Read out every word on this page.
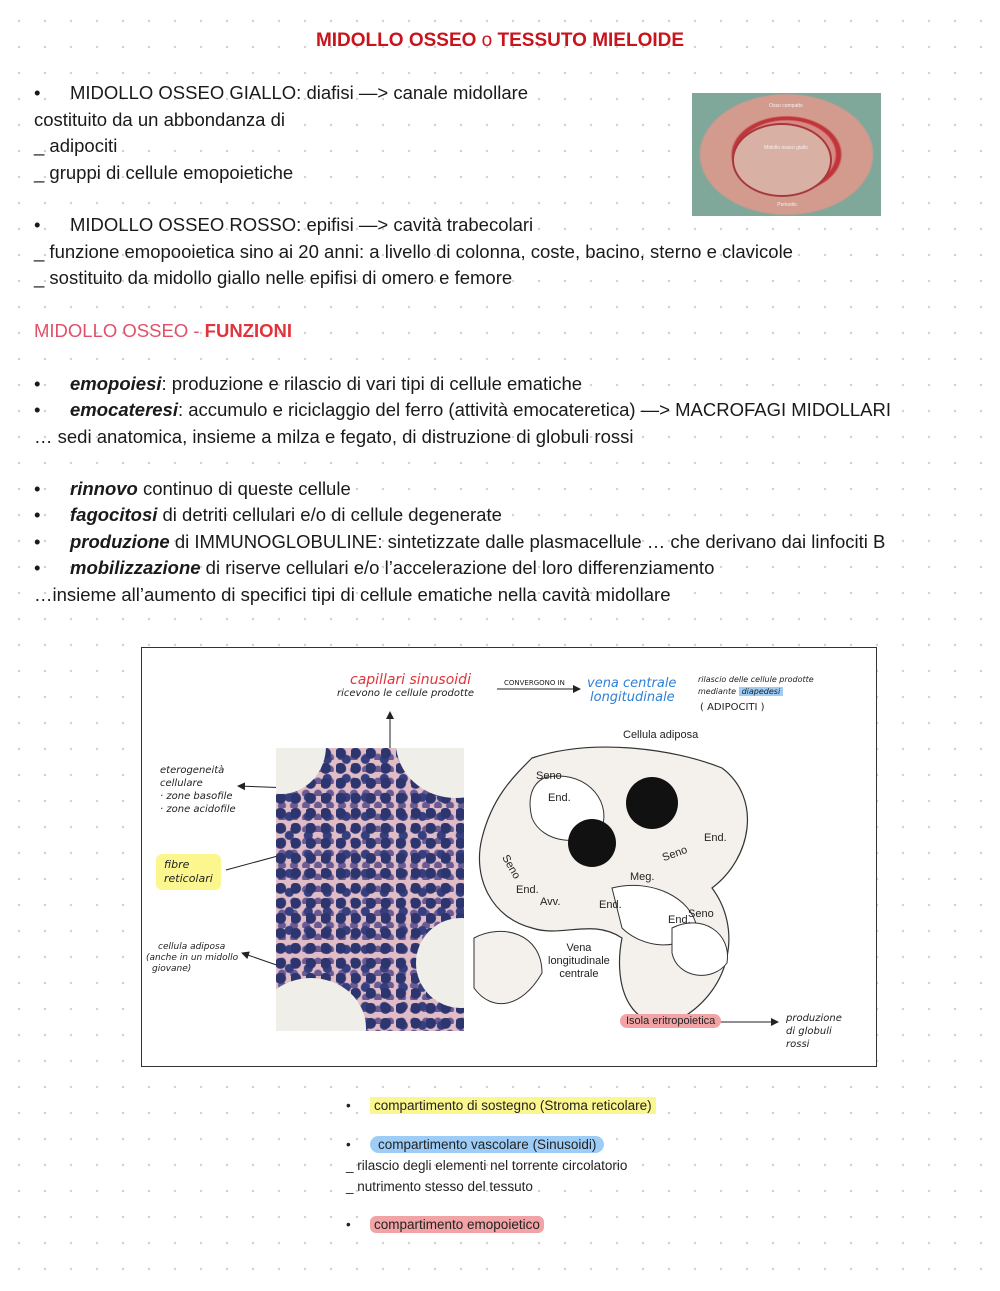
MIDOLLO OSSEO o TESSUTO MIELOIDE
• MIDOLLO OSSEO GIALLO: diafisi —> canale midollare
costituito da un abbondanza di
_ adipociti
_ gruppi di cellule emopoietiche
Osso compatto
Midollo osseo giallo
Periostio
• MIDOLLO OSSEO ROSSO: epifisi —> cavità trabecolari
_ funzione emopooietica sino ai 20 anni: a livello di colonna, coste, bacino, sterno e clavicole
_ sostituito da midollo giallo nelle epifisi di omero e femore
MIDOLLO OSSEO - FUNZIONI
• emopoiesi: produzione e rilascio di vari tipi di cellule ematiche
• emocateresi: accumulo e riciclaggio del ferro (attività emocateretica) —> MACROFAGI MIDOLLARI
… sedi anatomica, insieme a milza e fegato, di distruzione di globuli rossi
• rinnovo continuo di queste cellule
• fagocitosi di detriti cellulari e/o di cellule degenerate
• produzione di IMMUNOGLOBULINE: sintetizzate dalle plasmacellule … che derivano dai linfociti B
• mobilizzazione di riserve cellulari e/o l’accelerazione del loro differenziamento
…insieme all’aumento di specifici tipi di cellule ematiche nella cavità midollare
capillari sinusoidi
ricevono le cellule prodotte
CONVERGONO IN vena centrale
longitudinale
rilascio delle cellule prodotte
mediante diapedesi
( ADIPOCITI )
eterogeneità
cellulare
· zone basofile
· zone acidofile
fibre
reticolari
cellula adiposa
(anche in un midollo
giovane)
Cellula adiposa
Seno
End.
Seno
End.
Avv.	End.
Meg.
Seno
End.
Seno
End.
Vena
longitudinale
centrale
Isola eritropoietica	produzione
di globuli
rossi
• compartimento di sostegno (Stroma reticolare)
• compartimento vascolare (Sinusoidi)
_ rilascio degli elementi nel torrente circolatorio
_ nutrimento stesso del tessuto
• compartimento emopoietico
